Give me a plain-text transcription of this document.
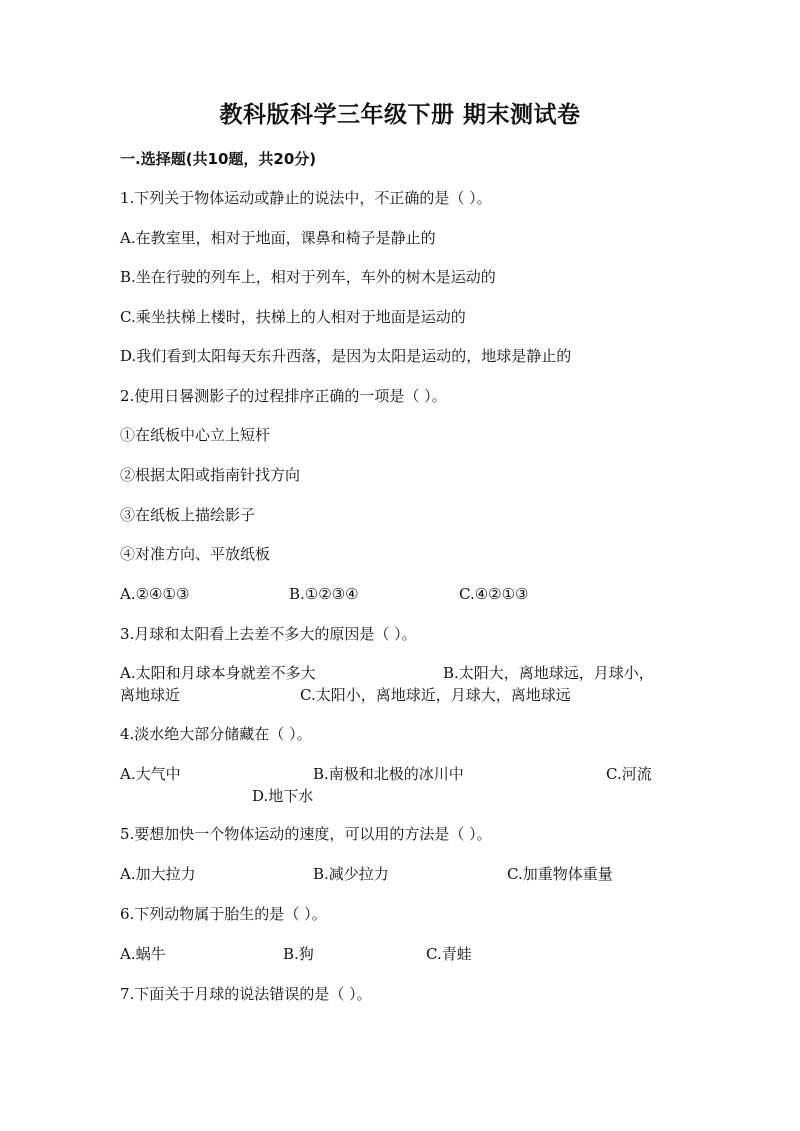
教科版科学三年级下册 期末测试卷
一.选择题(共10题，共20分)
1.下列关于物体运动或静止的说法中，不正确的是（ ）。
A.在教室里，相对于地面，课鼻和椅子是静止的
B.坐在行驶的列车上，相对于列车，车外的树木是运动的
C.乘坐扶梯上楼时，扶梯上的人相对于地面是运动的
D.我们看到太阳每天东升西落，是因为太阳是运动的，地球是静止的
2.使用日晷测影子的过程排序正确的一项是（ ）。
①在纸板中心立上短杆
②根据太阳或指南针找方向
③在纸板上描绘影子
④对准方向、平放纸板
A.②④①③	B.①②③④	C.④②①③
3.月球和太阳看上去差不多大的原因是（ ）。
A.太阳和月球本身就差不多大	B.太阳大，离地球远，月球小，
离地球近	C.太阳小，离地球近，月球大，离地球远
4.淡水绝大部分储藏在（ ）。
A.大气中	B.南极和北极的冰川中	C.河流
D.地下水
5.要想加快一个物体运动的速度，可以用的方法是（ ）。
A.加大拉力	B.减少拉力	C.加重物体重量
6.下列动物属于胎生的是（ ）。
A.蜗牛	B.狗	C.青蛙
7.下面关于月球的说法错误的是（ ）。
